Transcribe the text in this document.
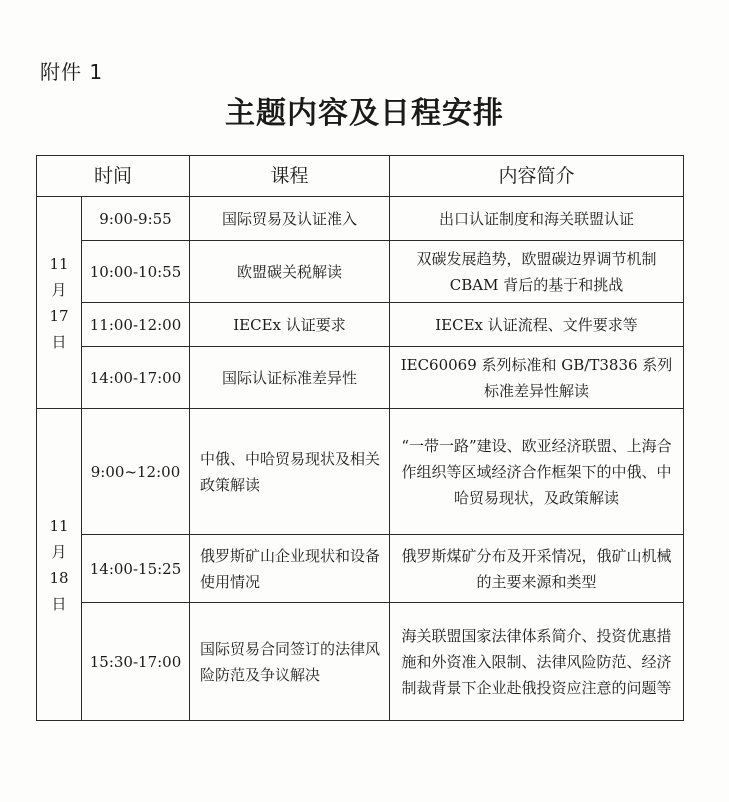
附件 1
主题内容及日程安排
时间		课程	内容简介

11 月
17 日	9:00-9:55	国际贸易及认证准入	出口认证制度和海关联盟认证
	10:00-10:55	欧盟碳关税解读	双碳发展趋势，欧盟碳边界调节机制 CBAM 背后的基于和挑战
	11:00-12:00	IECEx 认证要求	IECEx 认证流程、文件要求等
	14:00-17:00	国际认证标准差异性	IEC60069 系列标准和 GB/T3836 系列标准差异性解读

11 月
18 日	9:00~12:00	中俄、中哈贸易现状及相关政策解读	“一带一路”建设、欧亚经济联盟、上海合作组织等区域经济合作框架下的中俄、中哈贸易现状，及政策解读
	14:00-15:25	俄罗斯矿山企业现状和设备使用情况	俄罗斯煤矿分布及开采情况，俄矿山机械的主要来源和类型
	15:30-17:00	国际贸易合同签订的法律风险防范及争议解决	海关联盟国家法律体系简介、投资优惠措施和外资准入限制、法律风险防范、经济制裁背景下企业赴俄投资应注意的问题等
